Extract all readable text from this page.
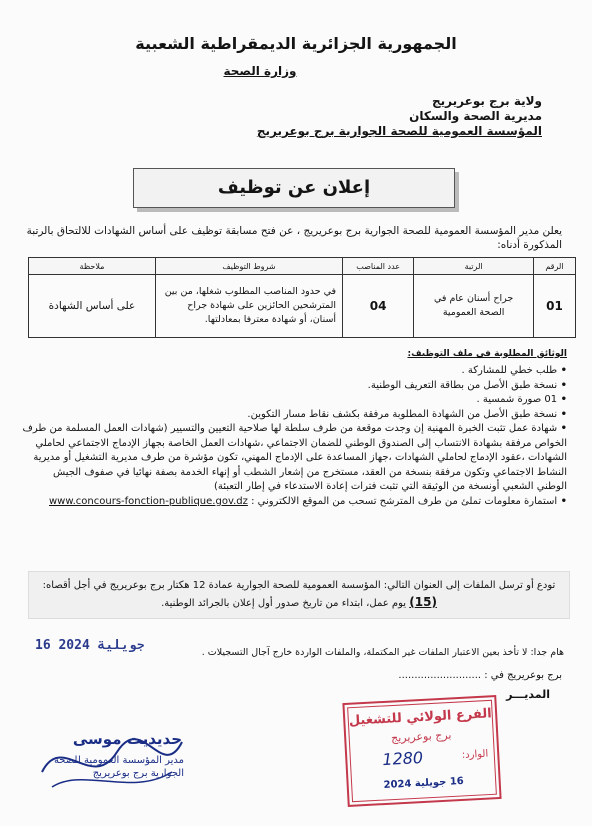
الجمهورية الجزائرية الديمقراطية الشعبية
وزارة الصحة
ولاية برج بوعريريج
مديرية الصحة والسكان
المؤسسة العمومية للصحة الجوارية برج بوعريريج
إعلان عن توظيف
يعلن مدير المؤسسة العمومية للصحة الجوارية برج بوعريريج ، عن فتح مسابقة توظيف على أساس الشهادات للالتحاق بالرتبة المذكورة أدناه:
الرقم	الرتبة	عدد المناصب	شروط التوظيف	ملاحظة
01	جراح أسنان عام في الصحة العمومية	04	في حدود المناصب المطلوب شغلها، من بين المترشحين الحائزين على شهادة جراح أسنان، أو شهادة معترفا بمعادلتها.	على أساس الشهادة
الوثائق المطلوبة في ملف التوظيف:
• طلب خطي للمشاركة .
• نسخة طبق الأصل من بطاقة التعريف الوطنية.
• 01 صورة شمسية .
• نسخة طبق الأصل من الشهادة المطلوبة مرفقة بكشف نقاط مسار التكوين.
• شهادة عمل تثبت الخبرة المهنية إن وجدت موقعة من طرف سلطة لها صلاحية التعيين والتسيير (شهادات العمل المسلمة من طرف الخواص مرفقة بشهادة الانتساب إلى الصندوق الوطني للضمان الاجتماعي ،شهادات العمل الخاصة بجهاز الإدماج الاجتماعي لحاملي الشهادات ،عقود الإدماج لحاملي الشهادات ،جهاز المساعدة على الإدماج المهني، تكون مؤشرة من طرف مديرية التشغيل أو مديرية النشاط الاجتماعي وتكون مرفقة بنسخة من العقد، مستخرج من إشعار الشطب أو إنهاء الخدمة بصفة نهائيا في صفوف الجيش الوطني الشعبي أونسخة من الوثيقة التي تثبت فترات إعادة الاستدعاء في إطار التعبئة)
• استمارة معلومات تملئ من طرف المترشح تسحب من الموقع الالكتروني : www.concours-fonction-publique.gov.dz
تودع أو ترسل الملفات إلى العنوان التالي: المؤسسة العمومية للصحة الجوارية عمادة 12 هكتار برج بوعريريج في أجل أقصاه:
(15) يوم عمل، ابتداء من تاريخ صدور أول إعلان بالجرائد الوطنية.
16 جويلية 2024	هام جدا: لا تأخذ بعين الاعتبار الملفات غير المكتملة، والملفات الواردة خارج آجال التسجيلات .
برج بوعريريج في : ..........................
المديـــر
الفرع الولائي للتشغيل
برج بوعريريج
الوارد:
1280
16 جويلية 2024
حديديت موسى
مدير المؤسسة العمومية للصحة الجوارية برج بوعريريج
